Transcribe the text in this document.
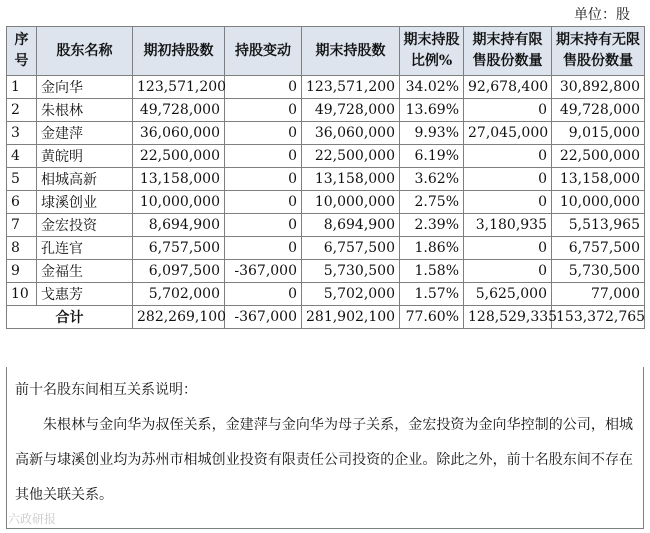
单位：股
序号	股东名称	期初持股数	持股变动	期末持股数	期末持股比例%	期末持有限售股份数量	期末持有无限售股份数量
1	金向华	123,571,200	0	123,571,200	34.02%	92,678,400	30,892,800
2	朱根林	49,728,000	0	49,728,000	13.69%	0	49,728,000
3	金建萍	36,060,000	0	36,060,000	9.93%	27,045,000	9,015,000
4	黄皖明	22,500,000	0	22,500,000	6.19%	0	22,500,000
5	相城高新	13,158,000	0	13,158,000	3.62%	0	13,158,000
6	埭溪创业	10,000,000	0	10,000,000	2.75%	0	10,000,000
7	金宏投资	8,694,900	0	8,694,900	2.39%	3,180,935	5,513,965
8	孔连官	6,757,500	0	6,757,500	1.86%	0	6,757,500
9	金福生	6,097,500	-367,000	5,730,500	1.58%	0	5,730,500
10	戈惠芳	5,702,000	0	5,702,000	1.57%	5,625,000	77,000
合计		282,269,100	-367,000	281,902,100	77.60%	128,529,335	153,372,765
前十名股东间相互关系说明：
朱根林与金向华为叔侄关系，金建萍与金向华为母子关系，金宏投资为金向华控制的公司，相城高新与埭溪创业均为苏州市相城创业投资有限责任公司投资的企业。除此之外，前十名股东间不存在其他关联关系。
六政研报
